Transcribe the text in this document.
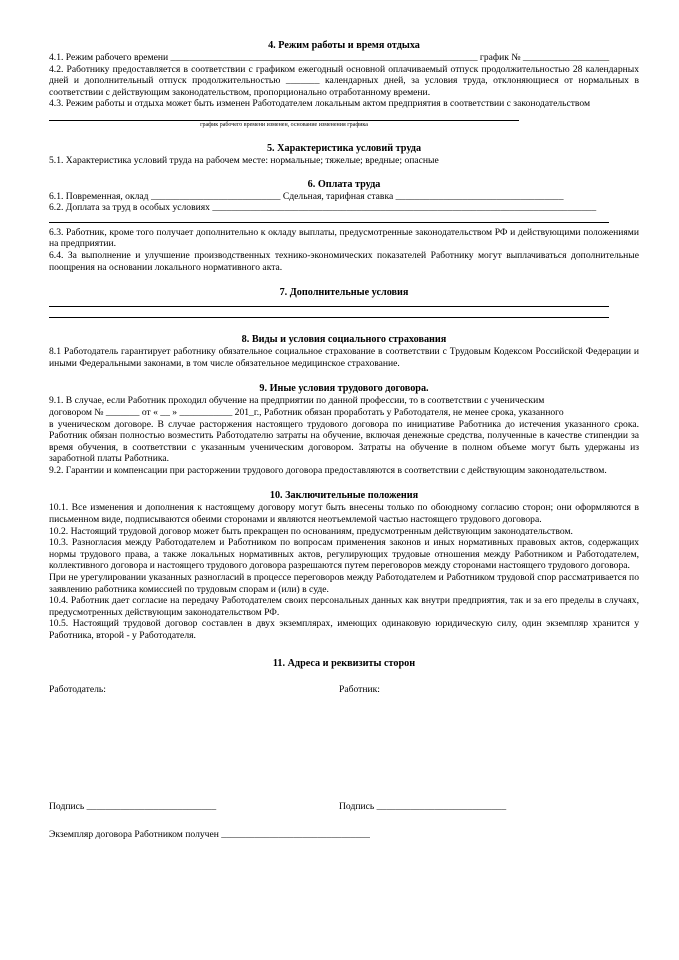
4. Режим работы и время отдыха
4.1. Режим рабочего времени ________________________________________________________________ график № __________________
4.2. Работнику предоставляется в соответствии с графиком ежегодный основной оплачиваемый отпуск продолжительностью 28 календарных дней и дополнительный отпуск продолжительностью _______ календарных дней, за условия труда, отклоняющиеся от нормальных в соответствии с действующим законодательством, пропорционально отработанному времени.
4.3. Режим работы и отдыха может быть изменен Работодателем локальным актом предприятия в соответствии с законодательством
график рабочего времени изменен, основание изменения графика
5. Характеристика условий труда
5.1. Характеристика условий труда на рабочем месте: нормальные; тяжелые; вредные; опасные
6. Оплата труда
6.1. Повременная, оклад ___________________________ Сдельная, тарифная ставка ___________________________________
6.2. Доплата за труд в особых условиях ________________________________________________________________________________
6.3. Работник, кроме того получает дополнительно к окладу выплаты, предусмотренные законодательством РФ и действующими положениями на предприятии.
6.4. За выполнение и улучшение производственных технико-экономических показателей Работнику могут выплачиваться дополнительные поощрения на основании локального нормативного акта.
7. Дополнительные условия
8. Виды и условия социального страхования
8.1 Работодатель гарантирует работнику обязательное социальное страхование в соответствии с Трудовым Кодексом Российской Федерации и иными Федеральными законами, в том числе обязательное медицинское страхование.
9. Иные условия трудового договора.
9.1. В случае, если Работник проходил обучение на предприятии по данной профессии, то в соответствии с ученическим
договором № _______ от « __ » ___________ 201_г., Работник обязан проработать у Работодателя, не менее срока, указанного
в ученическом договоре. В случае расторжения настоящего трудового договора по инициативе Работника до истечения указанного срока. Работник обязан полностью возместить Работодателю затраты на обучение, включая денежные средства, полученные в качестве стипендии за время обучения, в соответствии с указанным ученическим договором. Затраты на обучение в полном объеме могут быть удержаны из заработной платы Работника.
9.2. Гарантии и компенсации при расторжении трудового договора предоставляются в соответствии с действующим законодательством.
10. Заключительные положения
10.1. Все изменения и дополнения к настоящему договору могут быть внесены только по обоюдному согласию сторон; они оформляются в письменном виде, подписываются обеими сторонами и являются неотъемлемой частью настоящего трудового договора.
10.2. Настоящий трудовой договор может быть прекращен по основаниям, предусмотренным действующим законодательством.
10.3. Разногласия между Работодателем и Работником по вопросам применения законов и иных нормативных правовых актов, содержащих нормы трудового права, а также локальных нормативных актов, регулирующих трудовые отношения между Работником и Работодателем, коллективного договора и настоящего трудового договора разрешаются путем переговоров между сторонами настоящего трудового договора.
При не урегулировании указанных разногласий в процессе переговоров между Работодателем и Работником трудовой спор рассматривается по заявлению работника комиссией по трудовым спорам и (или) в суде.
10.4. Работник дает согласие на передачу Работодателем своих персональных данных как внутри предприятия, так и за его пределы в случаях, предусмотренных действующим законодательством РФ.
10.5. Настоящий трудовой договор составлен в двух экземплярах, имеющих одинаковую юридическую силу, один экземпляр хранится у Работника, второй - у Работодателя.
11. Адреса и реквизиты сторон
Работодатель:	Работник:
Подпись ___________________________	Подпись ___________________________
Экземпляр договора Работником получен _______________________________
